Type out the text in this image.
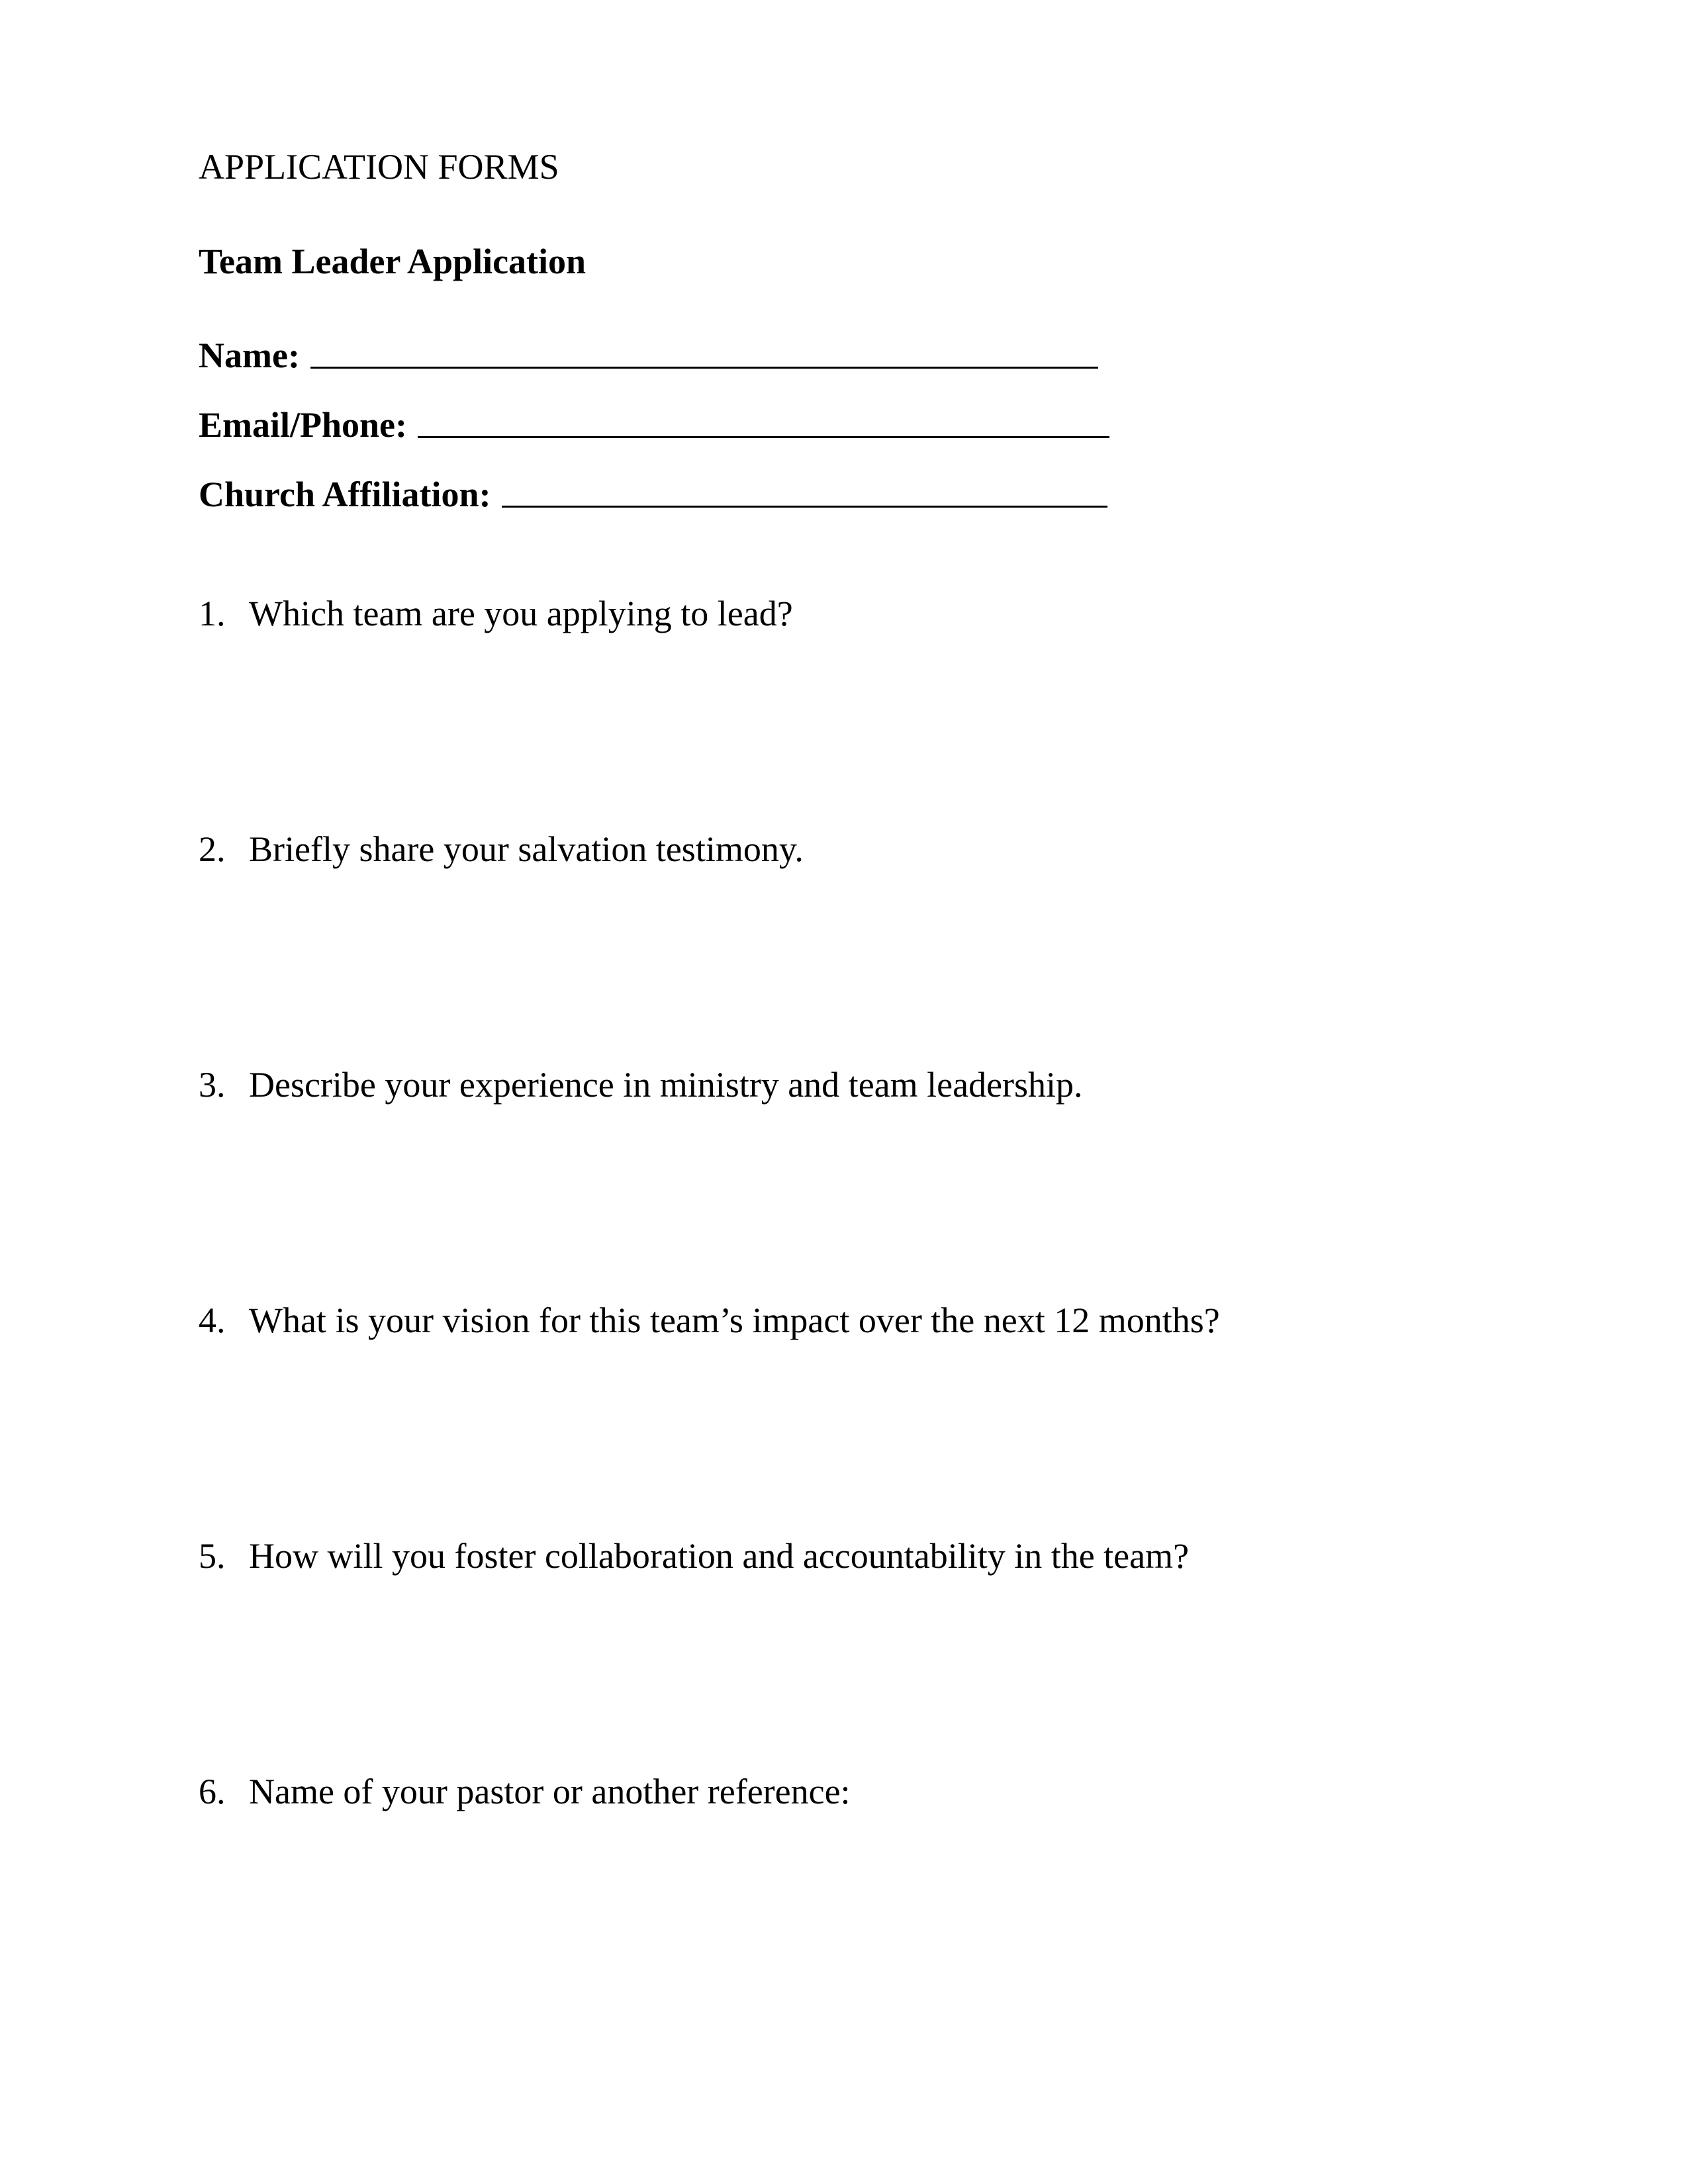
APPLICATION FORMS
Team Leader Application
Name:
Email/Phone:
Church Affiliation:
1. Which team are you applying to lead?
2. Briefly share your salvation testimony.
3. Describe your experience in ministry and team leadership.
4. What is your vision for this team’s impact over the next 12 months?
5. How will you foster collaboration and accountability in the team?
6. Name of your pastor or another reference:
